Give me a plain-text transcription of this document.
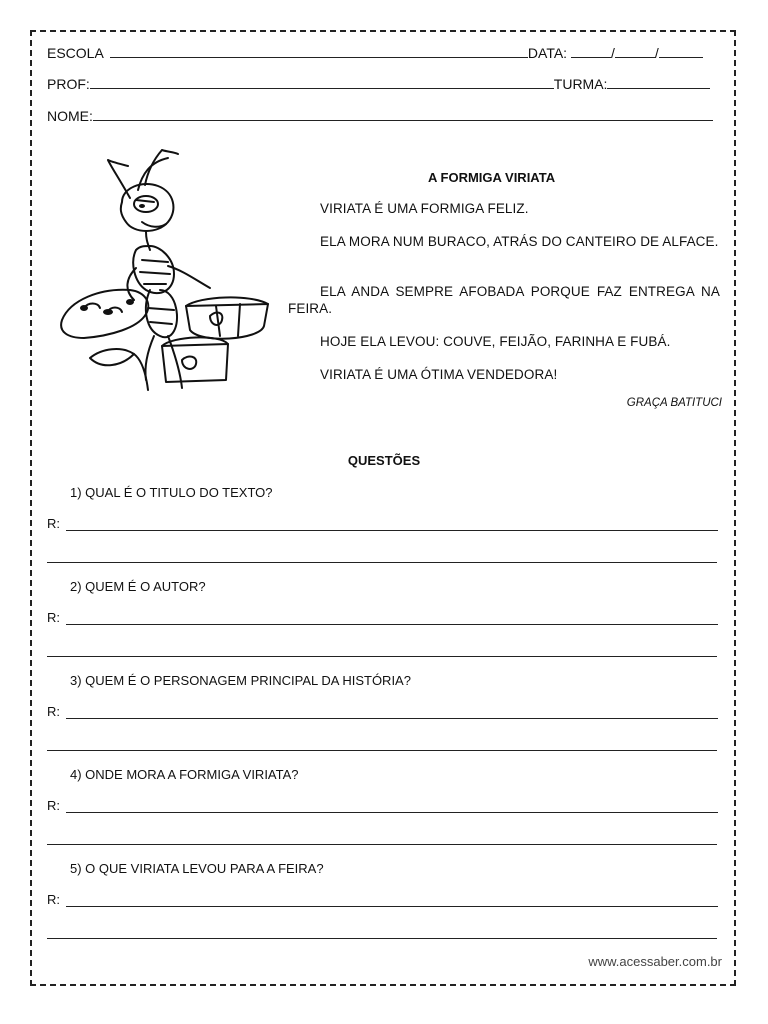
ESCOLA	DATA:	/	/
PROF:	TURMA:
NOME:
A FORMIGA VIRIATA
VIRIATA É UMA FORMIGA FELIZ.
ELA MORA NUM BURACO, ATRÁS DO CANTEIRO DE ALFACE.
ELA ANDA SEMPRE AFOBADA PORQUE FAZ ENTREGA NA FEIRA.
HOJE ELA LEVOU: COUVE, FEIJÃO, FARINHA E FUBÁ.
VIRIATA É UMA ÓTIMA VENDEDORA!
GRAÇA BATITUCI
QUESTÕES
1) QUAL É O TITULO DO TEXTO?
R:
2) QUEM É O AUTOR?
R:
3) QUEM É O PERSONAGEM PRINCIPAL DA HISTÓRIA?
R:
4) ONDE MORA A FORMIGA VIRIATA?
R:
5) O QUE VIRIATA LEVOU PARA A FEIRA?
R:
www.acessaber.com.br
